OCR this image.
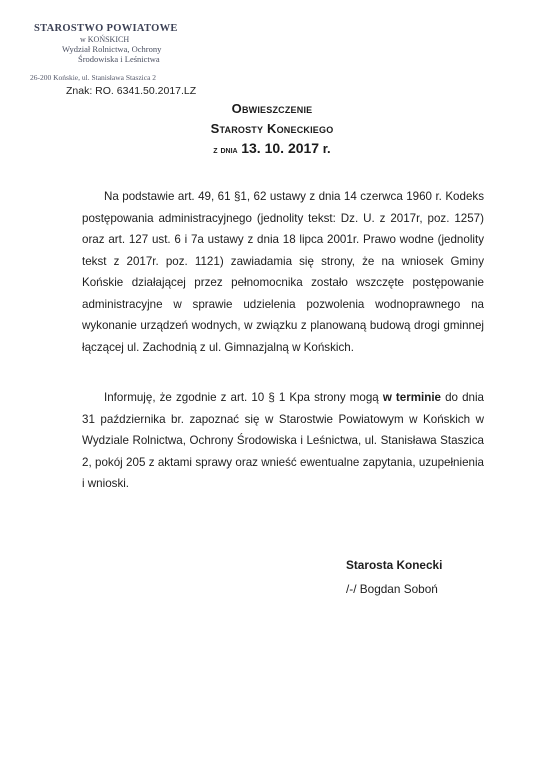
STAROSTWO POWIATOWE
w KOŃSKICH
Wydział Rolnictwa, Ochrony
Środowiska i Leśnictwa
26-200 Końskie, ul. Stanisława Staszica 2
Znak: RO. 6341.50.2017.LZ
Obwieszczenie
Starosty Koneckiego
z dnia 13. 10. 2017 r.
Na podstawie art. 49, 61 §1, 62 ustawy z dnia 14 czerwca 1960 r. Kodeks postępowania administracyjnego (jednolity tekst: Dz. U. z 2017r, poz. 1257) oraz art. 127 ust. 6 i 7a ustawy z dnia 18 lipca 2001r. Prawo wodne (jednolity tekst z 2017r. poz. 1121) zawiadamia się strony, że na wniosek Gminy Końskie działającej przez pełnomocnika zostało wszczęte postępowanie administracyjne w sprawie udzielenia pozwolenia wodnoprawnego na wykonanie urządzeń wodnych, w związku z planowaną budową drogi gminnej łączącej ul. Zachodnią z ul. Gimnazjalną w Końskich.
Informuję, że zgodnie z art. 10 § 1 Kpa strony mogą w terminie do dnia 31 października br. zapoznać się w Starostwie Powiatowym w Końskich w Wydziale Rolnictwa, Ochrony Środowiska i Leśnictwa, ul. Stanisława Staszica 2, pokój 205 z aktami sprawy oraz wnieść ewentualne zapytania, uzupełnienia i wnioski.
Starosta Konecki
/-/ Bogdan Soboń
